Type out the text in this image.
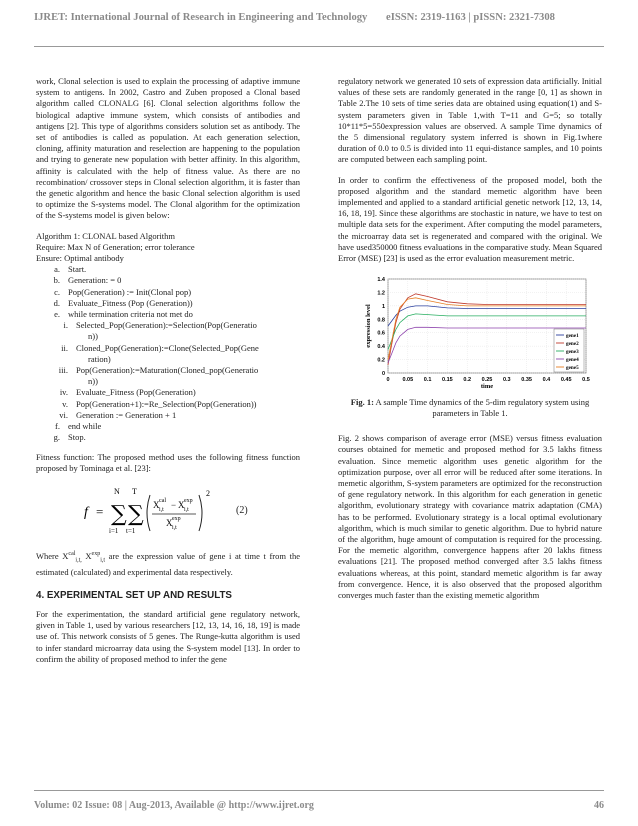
IJRET: International Journal of Research in Engineering and Technology eISSN: 2319-1163 | pISSN: 2321-7308

work, Clonal selection is used to explain the processing of adaptive immune system to antigens. In 2002, Castro and Zuben proposed a Clonal based algorithm called CLONALG [6]. Clonal selection algorithms follow the biological adaptive immune system, which consists of antibodies and antigens [2]. This type of algorithms considers solution set as antibody. The set of antibodies is called as population. At each generation selection, cloning, affinity maturation and reselection are happening to the population and trying to generate new population with better affinity. In this algorithm, affinity is calculated with the help of fitness value. As there are no recombination/ crossover steps in Clonal selection algorithm, it is faster than the genetic algorithm and hence the basic Clonal selection algorithm is used to optimize the S-systems model. The Clonal algorithm for the optimization of the S-systems model is given below:

Algorithm 1: CLONAL based Algorithm
Require: Max N of Generation; error tolerance
Ensure: Optimal antibody
a. Start.
b. Generation: = 0
c. Pop(Generation) := Init(Clonal pop)
d. Evaluate_Fitness (Pop (Generation))
e. while termination criteria not met do
i. Selected_Pop(Generation):=Selection(Pop(Generatio
n))
ii. Cloned_Pop(Generation):=Clone(Selected_Pop(Gene
ration)
iii. Pop(Generation):=Maturation(Cloned_pop(Generatio
n))
iv. Evaluate_Fitness (Pop(Generation)
v. Pop(Generation+1):=Re_Selection(Pop(Generation))
vi. Generation := Generation + 1
f. end while
g. Stop.

Fitness function: The proposed method uses the following fitness function proposed by Tominaga et al. [23]:

f =
N
∑
i=1
T
∑
t=1
X cal
i,t − X exp
i,t
X exp
i,t
2
(2)

Where $X^{cal}_{i,t,}$ $X^{exp}_{i,t}$ are the expression value of gene i at time t from the estimated (calculated) and experimental data respectively.

4. EXPERIMENTAL SET UP AND RESULTS

For the experimentation, the standard artificial gene regulatory network, given in Table 1, used by various researchers [12, 13, 14, 16, 18, 19] is made use of. This network consists of 5 genes. The Runge-kutta algorithm is used to infer standard microarray data using the S-system model [13]. In order to confirm the ability of proposed method to infer the gene

regulatory network we generated 10 sets of expression data artificially. Initial values of these sets are randomly generated in the range [0, 1] as shown in Table 2.The 10 sets of time series data are obtained using equation(1) and S-system parameters given in Table 1,with T=11 and G=5; so totally 10*11*5=550expression values are observed. A sample Time dynamics of the 5 dimensional regulatory system inferred is shown in Fig.1where duration of 0.0 to 0.5 is divided into 11 equi-distance samples, and 10 points are computed between each sampling point.

In order to confirm the effectiveness of the proposed model, both the proposed algorithm and the standard memetic algorithm have been implemented and applied to a standard artificial genetic network [12, 13, 14, 16, 18, 19]. Since these algorithms are stochastic in nature, we have to test on multiple data sets for the experiment. After computing the model parameters, the microarray data set is regenerated and compared with the original. We have used350000 fitness evaluations in the comparative study. Mean Squared Error (MSE) [23] is used as the error evaluation measurement metric.

0 0.05 0.1 0.15 0.2 0.25 0.3 0.35 0.4 0.45 0.5
0
0.2
0.4
0.6
0.8
1
1.2
1.4
time
expression level	gene1
gene2
gene3
gene4
gene5
Fig. 1: A sample Time dynamics of the 5-dim regulatory system using parameters in Table 1.

Fig. 2 shows comparison of average error (MSE) versus fitness evaluation courses obtained for memetic and proposed method for 3.5 lakhs fitness evaluation. Since memetic algorithm uses genetic algorithm for the optimization purpose, over all error will be reduced after some iterations. In memetic algorithm, S-system parameters are optimized for the reconstruction of gene regulatory network. In this algorithm for each generation in genetic algorithm, evolutionary strategy with covariance matrix adaptation (CMA) has to be performed. Evolutionary strategy is a local optimal evolutionary algorithm, which is much similar to genetic algorithm. Due to hybrid nature of the algorithm, huge amount of computation is required for the processing. For the memetic algorithm, convergence happens after 20 lakhs fitness evaluations [21]. The proposed method converged after 3.5 lakhs fitness evaluations whereas, at this point, standard memetic algorithm is far away from convergence. Hence, it is also observed that the proposed algorithm converges much faster than the existing memetic algorithm

Volume: 02 Issue: 08 | Aug-2013, Available @ http://www.ijret.org	46
